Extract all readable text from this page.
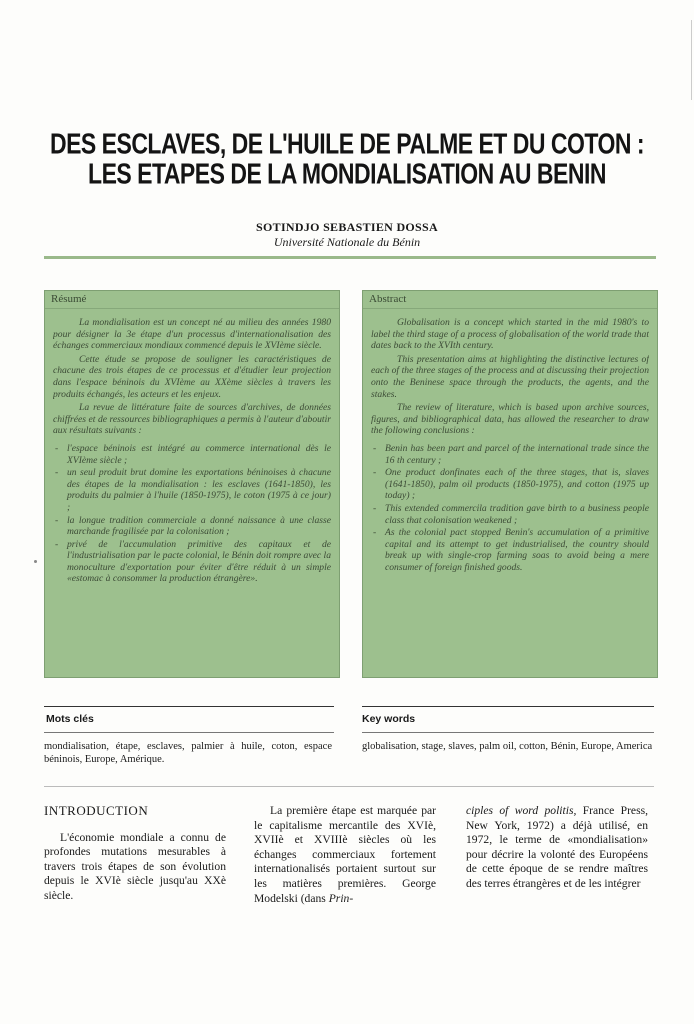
DES ESCLAVES, DE L'HUILE DE PALME ET DU COTON :
LES ETAPES DE LA MONDIALISATION AU BENIN
SOTINDJO SEBASTIEN DOSSA
Université Nationale du Bénin
Résumé

La mondialisation est un concept né au milieu des années 1980 pour désigner la 3e étape d'un processus d'internationalisation des échanges commerciaux mondiaux commencé depuis le XVIème siècle.

Cette étude se propose de souligner les caractéristiques de chacune des trois étapes de ce processus et d'étudier leur projection dans l'espace béninois du XVIème au XXème siècles à travers les produits échangés, les acteurs et les enjeux.

La revue de littérature faite de sources d'archives, de données chiffrées et de ressources bibliographiques a permis à l'auteur d'aboutir aux résultats suivants :

- l'espace béninois est intégré au commerce international dès le XVIème siècle ;
- un seul produit brut domine les exportations béninoises à chacune des étapes de la mondialisation : les esclaves (1641-1850), les produits du palmier à l'huile (1850-1975), le coton (1975 à ce jour) ;
- la longue tradition commerciale a donné naissance à une classe marchande fragilisée par la colonisation ;
- privé de l'accumulation primitive des capitaux et de l'industrialisation par le pacte colonial, le Bénin doit rompre avec la monoculture d'exportation pour éviter d'être réduit à un simple «estomac à consommer la production étrangère».
Abstract

Globalisation is a concept which started in the mid 1980's to label the third stage of a process of globalisation of the world trade that dates back to the XVIth century.

This presentation aims at highlighting the distinctive lectures of each of the three stages of the process and at discussing their projection onto the Beninese space through the products, the agents, and the stakes.

The review of literature, which is based upon archive sources, figures, and bibliographical data, has allowed the researcher to draw the following conclusions :

- Benin has been part and parcel of the international trade since the 16 th century ;
- One product donfinates each of the three stages, that is, slaves (1641-1850), palm oil products (1850-1975), and cotton (1975 up today) ;
- This extended commercila tradition gave birth to a business people class that colonisation weakened ;
- As the colonial pact stopped Benin's accumulation of a primitive capital and its attempt to get industrialised, the country should break up with single-crop farming soas to avoid being a mere consumer of foreign finished goods.
Mots clés	Key words
mondialisation, étape, esclaves, palmier à huile, coton, espace béninois, Europe, Amérique.
globalisation, stage, slaves, palm oil, cotton, Bénin, Europe, America

INTRODUCTION

L'économie mondiale a connu de profondes mutations mesurables à travers trois étapes de son évolution depuis le XVIè siècle jusqu'au XXè siècle.

La première étape est marquée par le capitalisme mercantile des XVIè, XVIIè et XVIIIè siècles où les échanges commerciaux fortement internationalisés portaient surtout sur les matières premières. George Modelski (dans Prin-

ciples of word politis, France Press, New York, 1972) a déjà utilisé, en 1972, le terme de «mondialisation» pour décrire la volonté des Européens de cette époque de se rendre maîtres des terres étrangères et de les intégrer
